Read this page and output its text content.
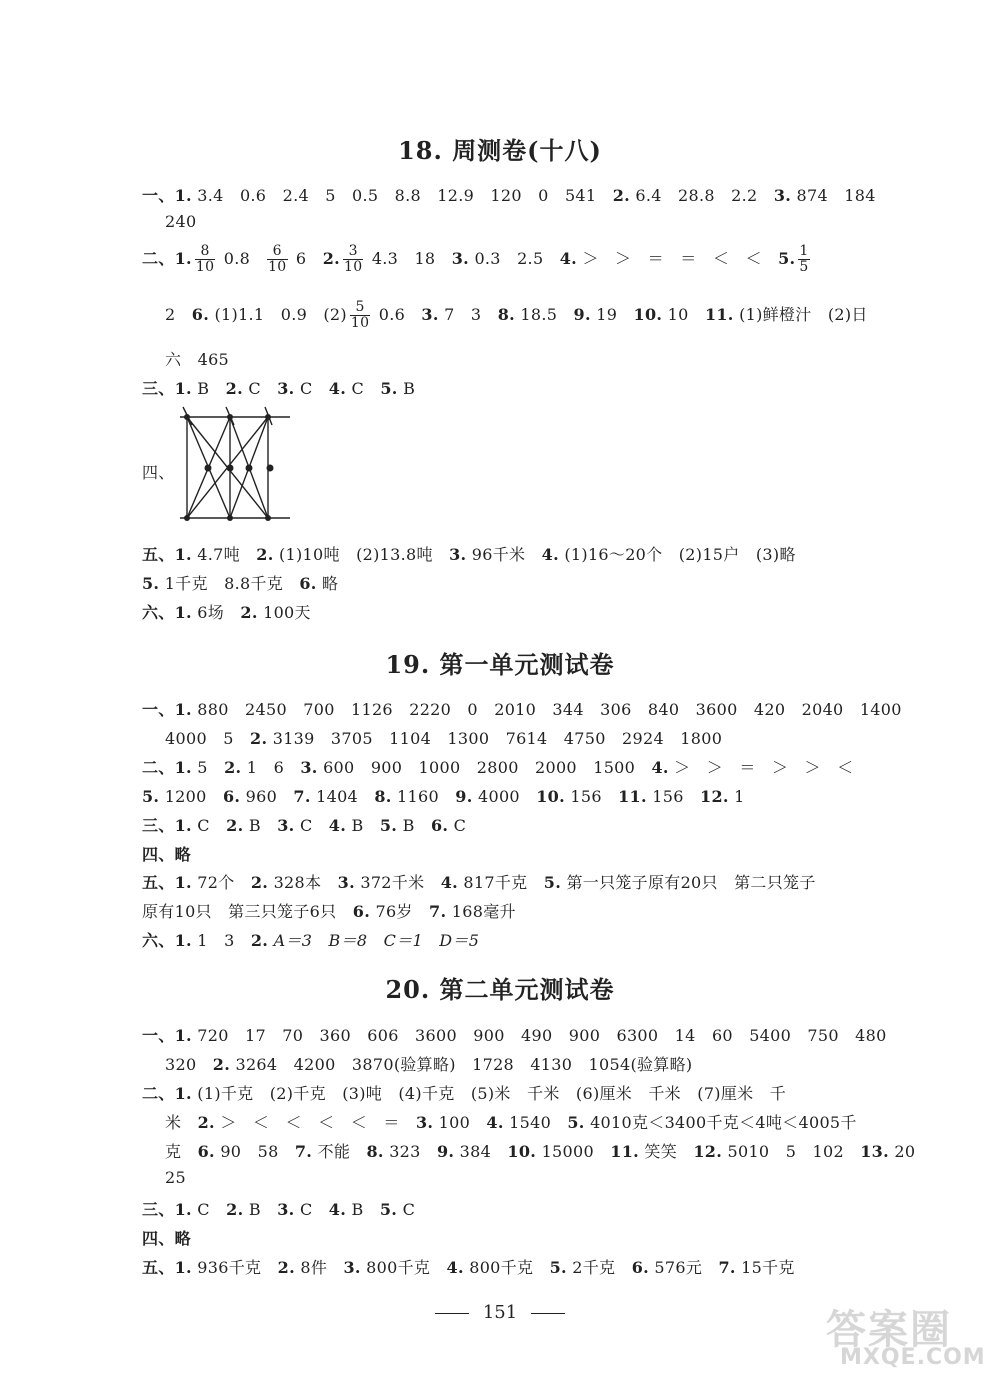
18. 周测卷(十八)
一、1. 3.4　0.6　2.4　5　0.5　8.8　12.9　120　0　541　 2. 6.4　28.8　2.2　 3. 874　184
240
二、1. $\frac{8}{10} 0.8 \frac{6}{10} 6$　 2. $\frac{3}{10} 4.3$　18　 3. 0.3　2.5　 4. ＞　＞　＝　＝　＜　＜　 5. $\frac{1}{5}$
2　 6. (1)1.1　0.9　$(2) \frac{5}{10} 0.6$　 3. 7　3　 8. 18.5　 9. 19　 10. 10　 11. (1)鲜橙汁　(2)日
六　465
三、1. B　 2. C　 3. C　 4. C　 5. B
四、
五、1. 4.7吨　 2. (1)10吨　(2)13.8吨　 3. 96千米　 4. (1)16～20个　(2)15户　(3)略
5. 1千克　8.8千克　 6. 略
六、1. 6场　 2. 100天
19. 第一单元测试卷
一、1. 880　2450　700　1126　2220　0　2010　344　306　840　3600　420　2040　1400
4000　5　 2. 3139　3705　1104　1300　7614　4750　2924　1800
二、1. 5　 2. 1　6　 3. 600　900　1000　2800　2000　1500　 4. ＞　＞　＝　＞　＞　＜
5. 1200　 6. 960　 7. 1404　 8. 1160　 9. 4000　 10. 156　 11. 156　 12. 1
三、1. C　 2. B　 3. C　 4. B　 5. B　 6. C
四、略
五、1. 72个　 2. 328本　 3. 372千米　 4. 817千克　 5. 第一只笼子原有20只　第二只笼子
原有10只　第三只笼子6只　 6. 76岁　 7. 168毫升
六、1. 1　3　 2. A＝3　B＝8　C＝1　D＝5
20. 第二单元测试卷
一、1. 720　17　70　360　606　3600　900　490　900　6300　14　60　5400　750　480
320　 2. 3264　4200　3870(验算略)　1728　4130　1054(验算略)
二、1. (1)千克　(2)千克　(3)吨　(4)千克　(5)米　千米　(6)厘米　千米　(7)厘米　千
米　 2. ＞　＜　＜　＜　＜　＝　 3. 100　 4. 1540　 5. 4010克＜3400千克＜4吨＜4005千
克　 6. 90　58　 7. 不能　 8. 323　 9. 384　 10. 15000　 11. 笑笑　 12. 5010　5　102　 13. 20
25
三、1. C　 2. B　 3. C　 4. B　 5. C
四、略
五、1. 936千克　 2. 8件　 3. 800千克　 4. 800千克　 5. 2千克　 6. 576元　 7. 15千克
151	答案圈
MXQE.COM
